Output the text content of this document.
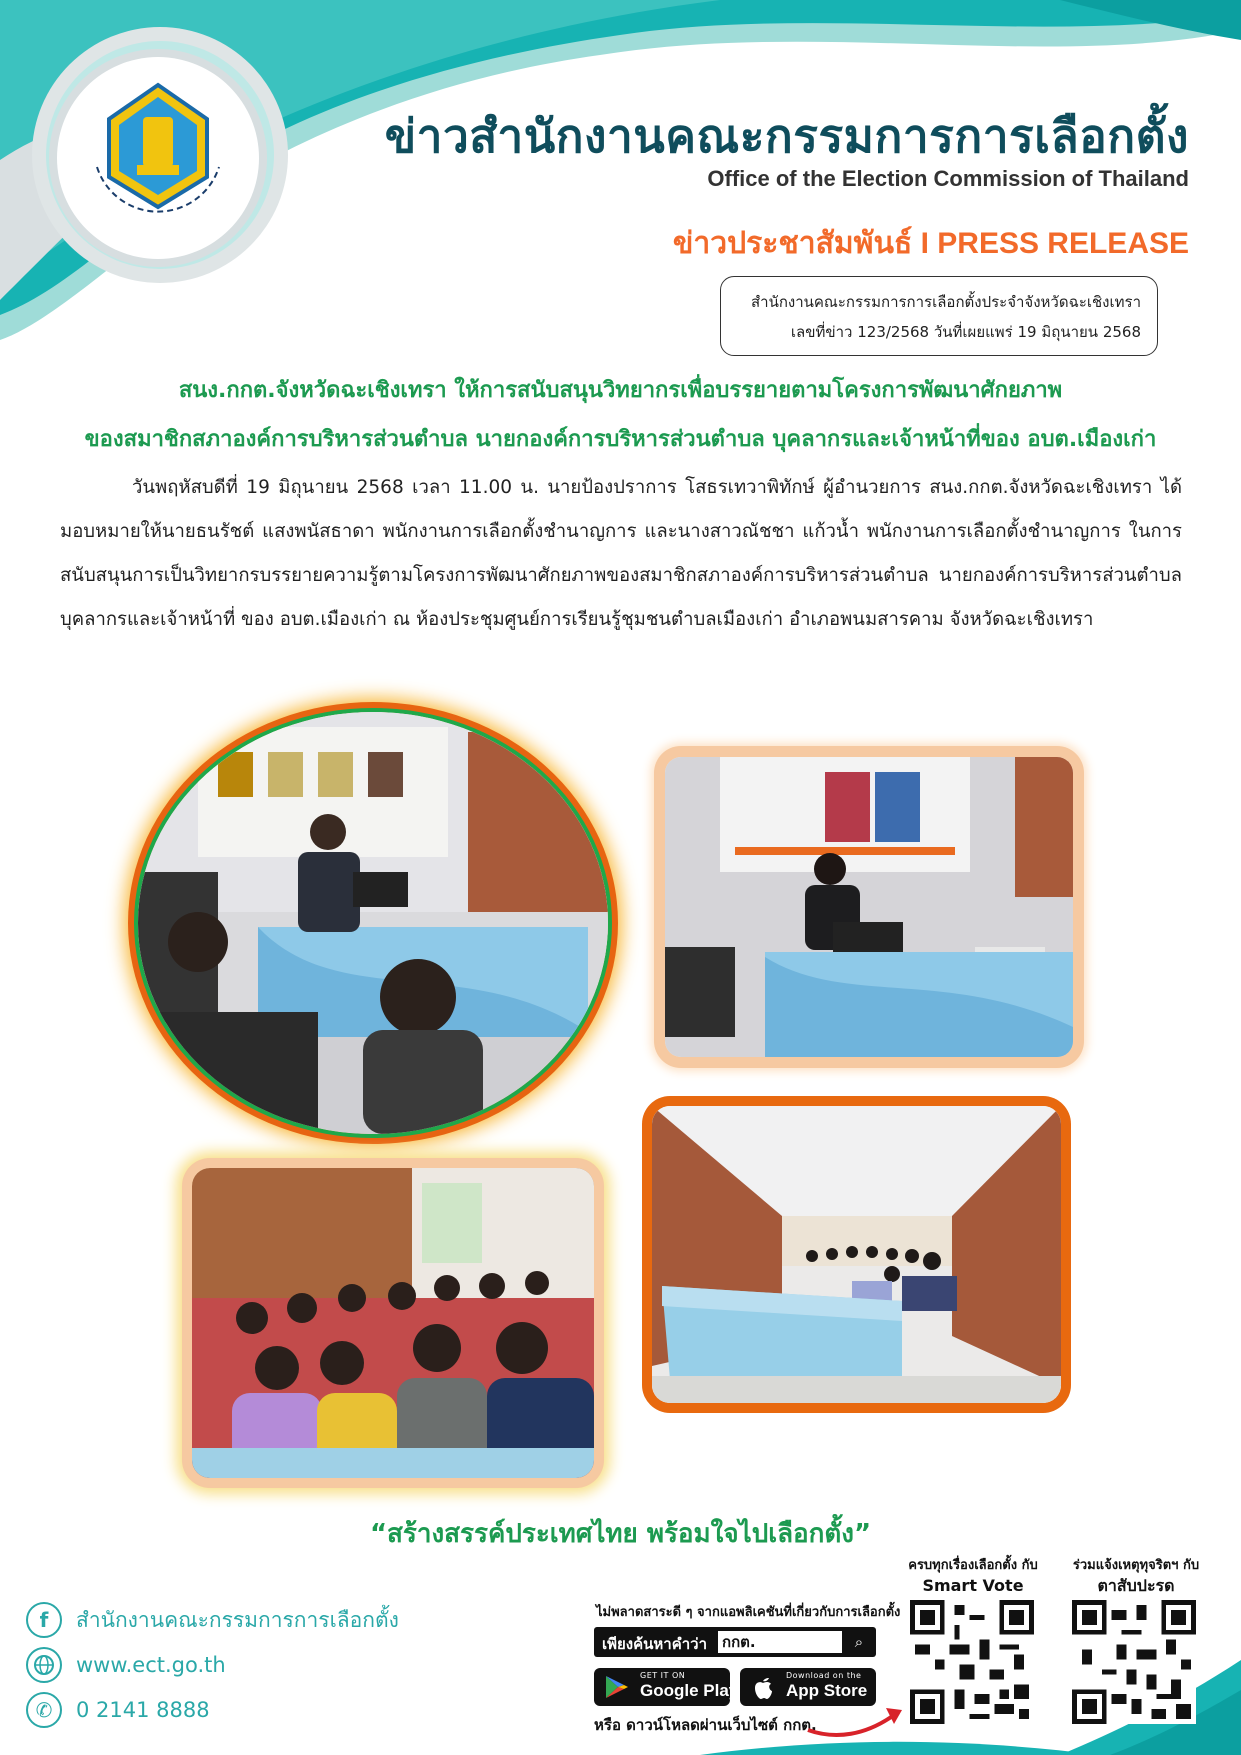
ข่าวสำนักงานคณะกรรมการการเลือกตั้ง
Office of the Election Commission of Thailand
ข่าวประชาสัมพันธ์ I PRESS RELEASE
สำนักงานคณะกรรมการการเลือกตั้งประจำจังหวัดฉะเชิงเทรา
เลขที่ข่าว 123/2568 วันที่เผยแพร่ 19 มิถุนายน 2568
สนง.กกต.จังหวัดฉะเชิงเทรา ให้การสนับสนุนวิทยากรเพื่อบรรยายตามโครงการพัฒนาศักยภาพ
ของสมาชิกสภาองค์การบริหารส่วนตำบล นายกองค์การบริหารส่วนตำบล บุคลากรและเจ้าหน้าที่ของ อบต.เมืองเก่า

วันพฤหัสบดีที่ 19 มิถุนายน 2568 เวลา 11.00 น. นายป้องปราการ โสธรเทวาพิทักษ์ ผู้อำนวยการ สนง.กกต.จังหวัดฉะเชิงเทรา ได้มอบหมายให้นายธนรัชต์ แสงพนัสธาดา พนักงานการเลือกตั้งชำนาญการ และนางสาวณัชชา แก้วน้ำ พนักงานการเลือกตั้งชำนาญการ ในการสนับสนุนการเป็นวิทยากรบรรยายความรู้ตามโครงการพัฒนาศักยภาพของสมาชิกสภาองค์การบริหารส่วนตำบล นายกองค์การบริหารส่วนตำบล บุคลากรและเจ้าหน้าที่ ของ อบต.เมืองเก่า ณ ห้องประชุมศูนย์การเรียนรู้ชุมชนตำบลเมืองเก่า อำเภอพนมสารคาม จังหวัดฉะเชิงเทรา

“สร้างสรรค์ประเทศไทย พร้อมใจไปเลือกตั้ง”
f	สำนักงานคณะกรรมการการเลือกตั้ง
www.ect.go.th
✆	0 2141 8888
ไม่พลาดสาระดี ๆ จากแอพลิเคชันที่เกี่ยวกับการเลือกตั้ง
เพียงค้นหาคำว่า กกต.	⌕
GET IT ON
Google Play
Download on the
App Store
หรือ ดาวน์โหลดผ่านเว็บไซต์ กกต.
ครบทุกเรื่องเลือกตั้ง กับ
Smart Vote
ร่วมแจ้งเหตุทุจริตฯ กับ
ตาสับปะรด
